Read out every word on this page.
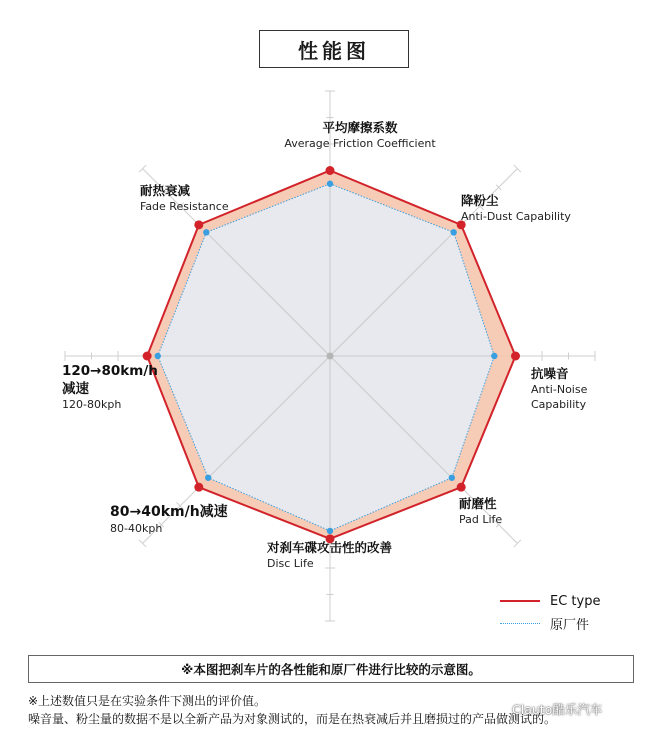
性能图
平均摩擦系数
Average Friction Coefficient
降粉尘
Anti-Dust Capability
抗噪音
Anti-Noise Capability
耐磨性
Pad Life
对刹车碟攻击性的改善
Disc Life
80→40km/h减速
80-40kph
120→80km/h减速
120-80kph
耐热衰减
Fade Resistance
EC type
原厂件
※本图把刹车片的各性能和原厂件进行比较的示意图。
※上述数值只是在实验条件下测出的评价值。
噪音量、粉尘量的数据不是以全新产品为对象测试的，而是在热衰减后并且磨损过的产品做测试的。
Clauto酷乐汽车
